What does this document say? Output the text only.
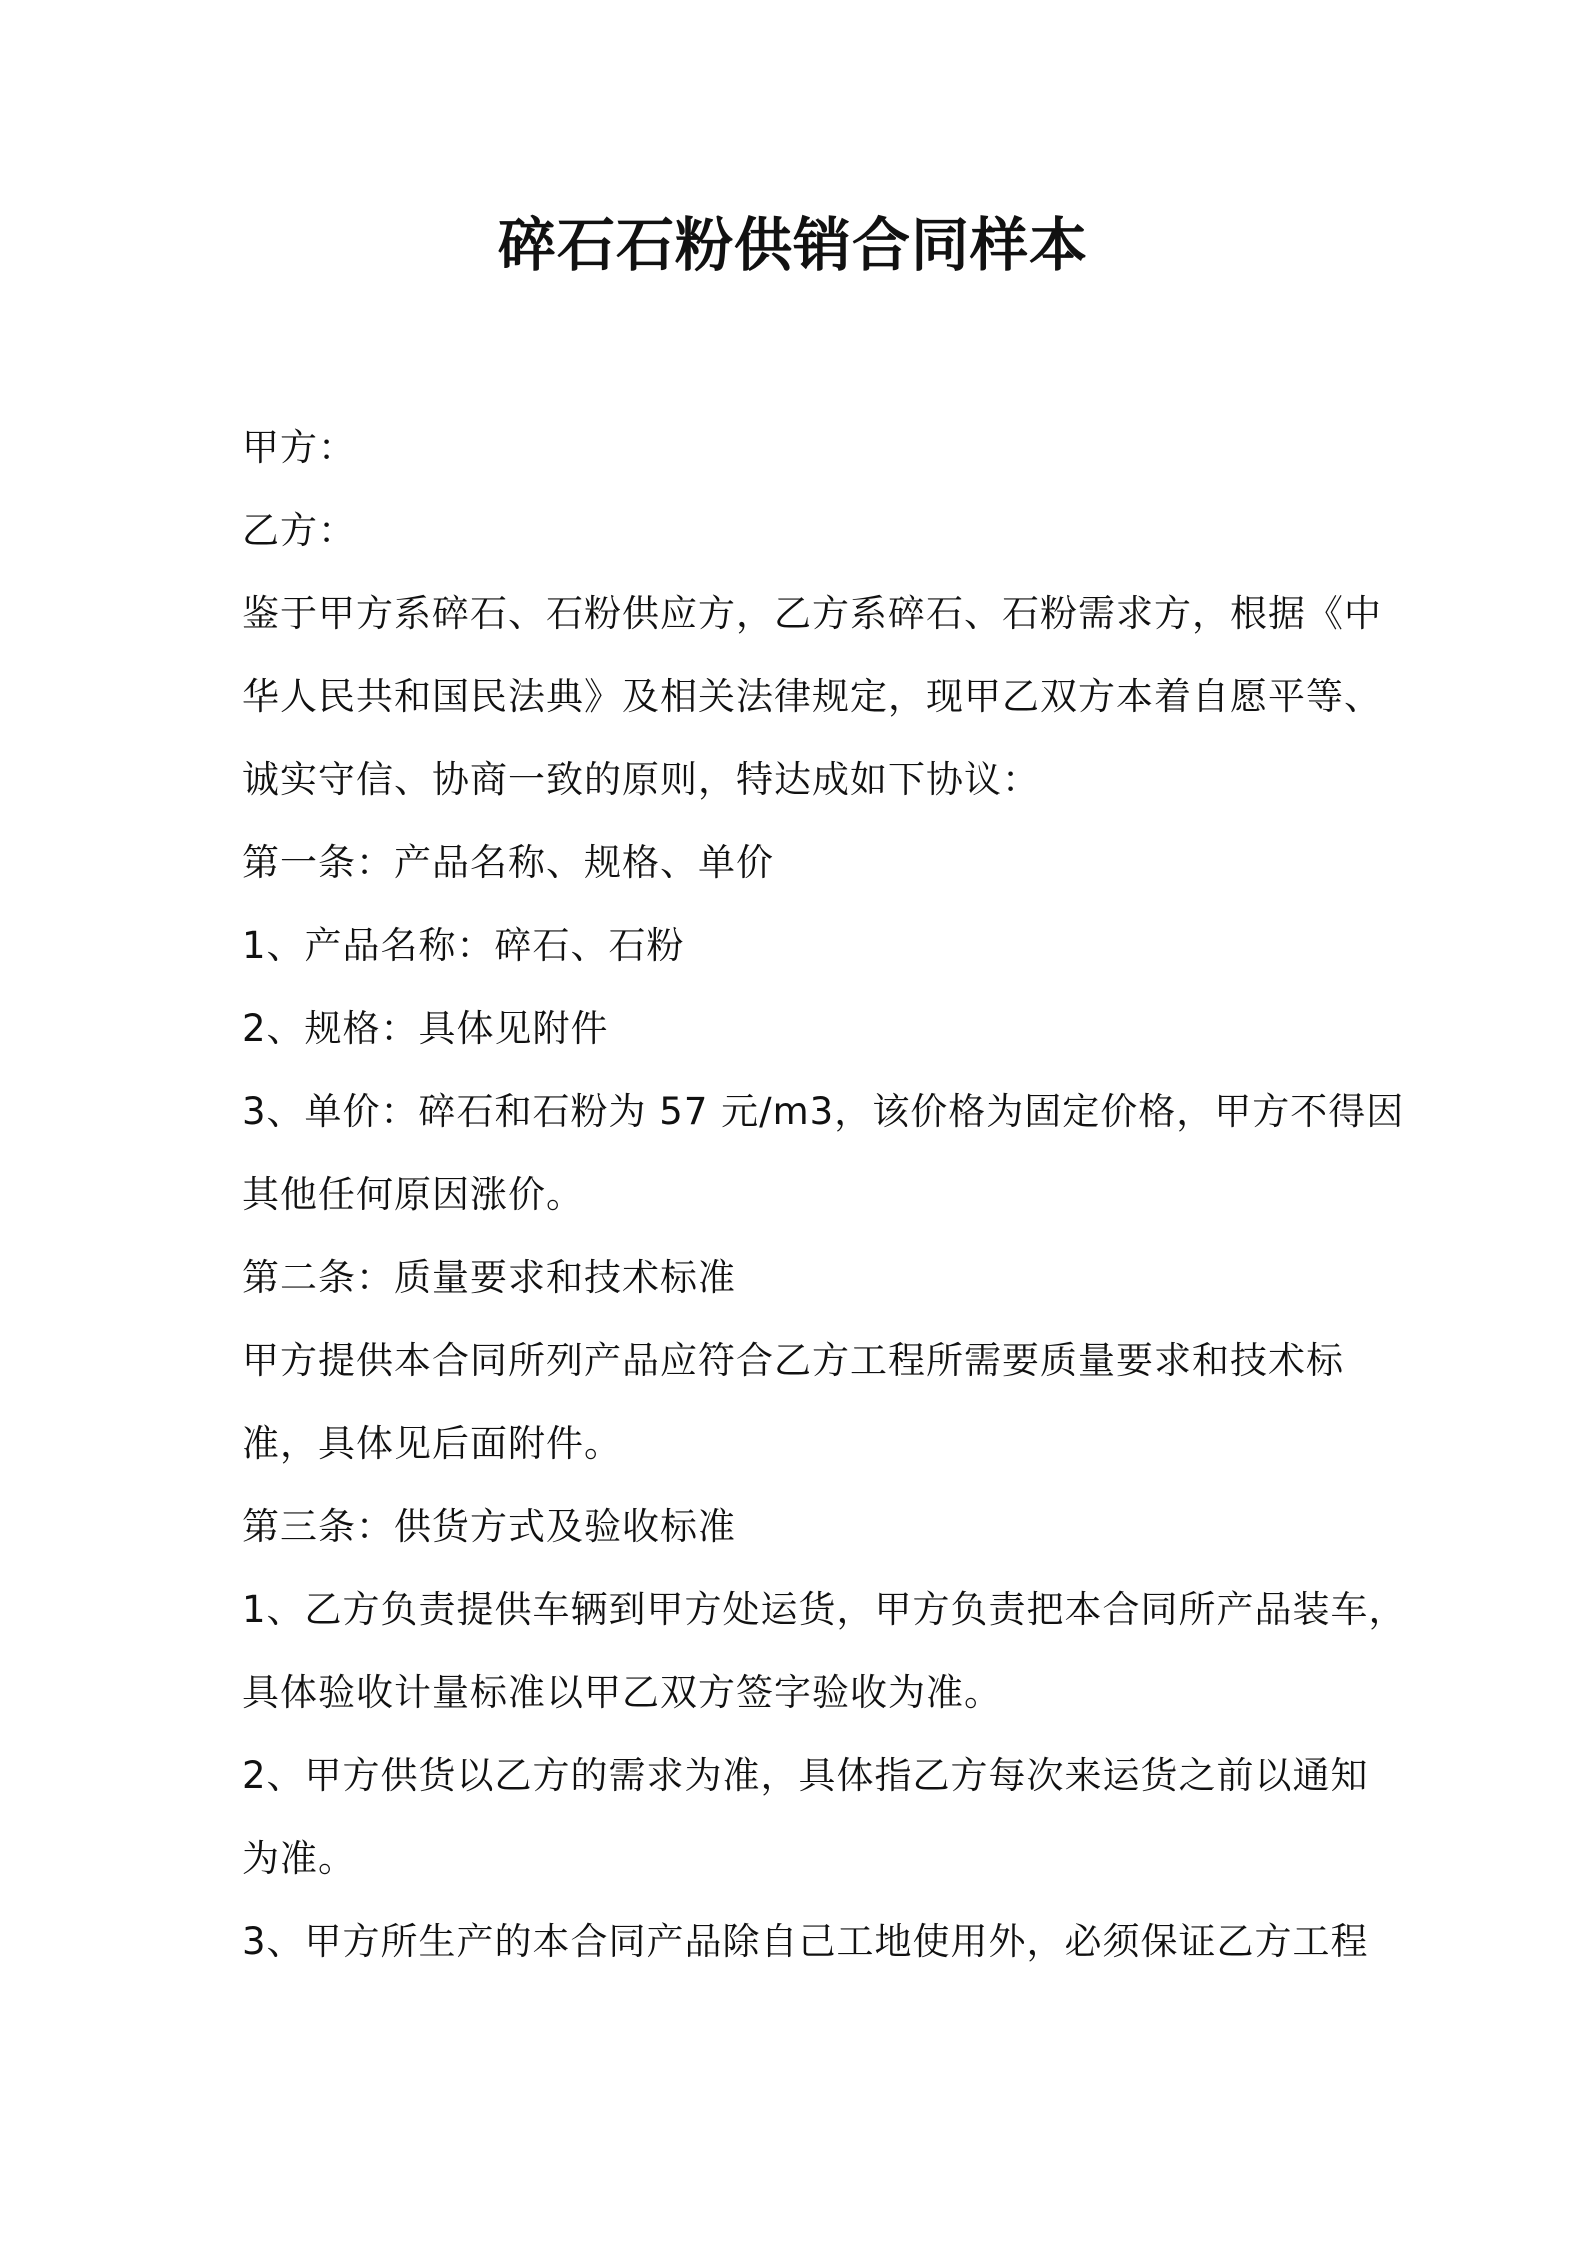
碎石石粉供销合同样本
甲方：
乙方：
鉴于甲方系碎石、石粉供应方，乙方系碎石、石粉需求方，根据《中
华人民共和国民法典》及相关法律规定，现甲乙双方本着自愿平等、
诚实守信、协商一致的原则，特达成如下协议：
第一条：产品名称、规格、单价
1、产品名称：碎石、石粉
2、规格：具体见附件
3、单价：碎石和石粉为 57 元/m3，该价格为固定价格，甲方不得因
其他任何原因涨价。
第二条：质量要求和技术标准
甲方提供本合同所列产品应符合乙方工程所需要质量要求和技术标
准，具体见后面附件。
第三条：供货方式及验收标准
1、乙方负责提供车辆到甲方处运货，甲方负责把本合同所产品装车，
具体验收计量标准以甲乙双方签字验收为准。
2、甲方供货以乙方的需求为准，具体指乙方每次来运货之前以通知
为准。
3、甲方所生产的本合同产品除自己工地使用外，必须保证乙方工程
